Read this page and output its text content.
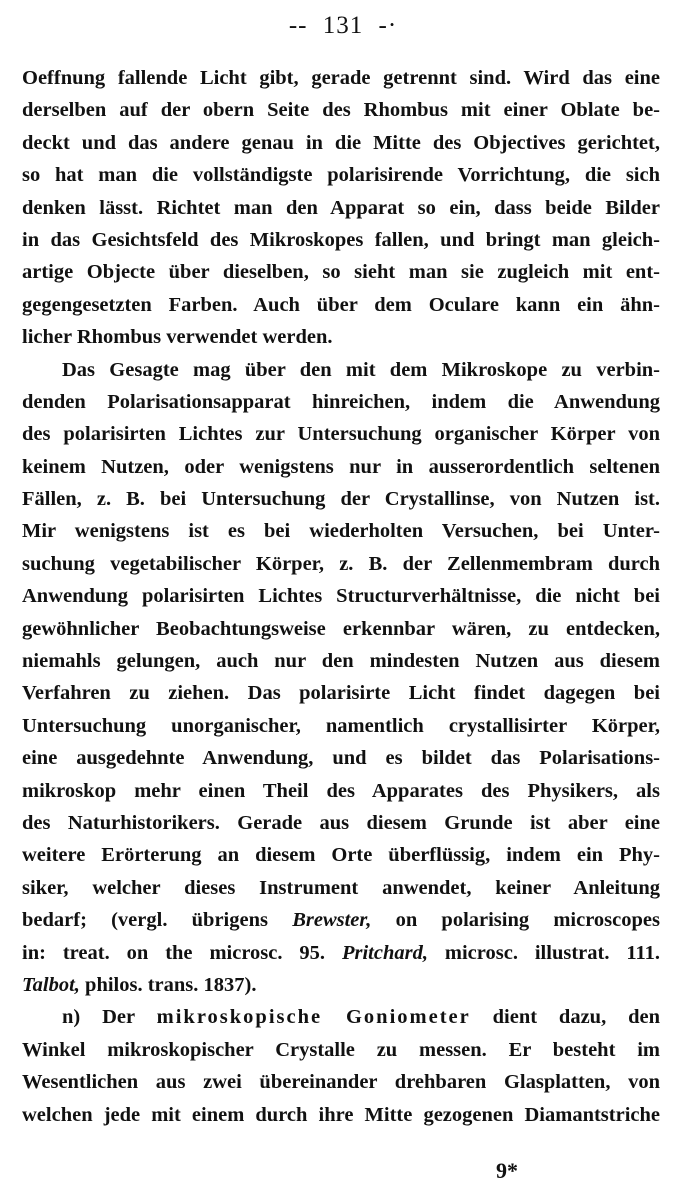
-- 131 -·
Oeffnung fallende Licht gibt, gerade getrennt sind. Wird das eine
derselben auf der obern Seite des Rhombus mit einer Oblate be-
deckt und das andere genau in die Mitte des Objectives gerichtet,
so hat man die vollständigste polarisirende Vorrichtung, die sich
denken lässt. Richtet man den Apparat so ein, dass beide Bilder
in das Gesichtsfeld des Mikroskopes fallen, und bringt man gleich-
artige Objecte über dieselben, so sieht man sie zugleich mit ent-
gegengesetzten Farben. Auch über dem Oculare kann ein ähn-
licher Rhombus verwendet werden.
Das Gesagte mag über den mit dem Mikroskope zu verbin-
denden Polarisationsapparat hinreichen, indem die Anwendung
des polarisirten Lichtes zur Untersuchung organischer Körper von
keinem Nutzen, oder wenigstens nur in ausserordentlich seltenen
Fällen, z. B. bei Untersuchung der Crystallinse, von Nutzen ist.
Mir wenigstens ist es bei wiederholten Versuchen, bei Unter-
suchung vegetabilischer Körper, z. B. der Zellenmembram durch
Anwendung polarisirten Lichtes Structurverhältnisse, die nicht bei
gewöhnlicher Beobachtungsweise erkennbar wären, zu entdecken,
niemahls gelungen, auch nur den mindesten Nutzen aus diesem
Verfahren zu ziehen. Das polarisirte Licht findet dagegen bei
Untersuchung unorganischer, namentlich crystallisirter Körper,
eine ausgedehnte Anwendung, und es bildet das Polarisations-
mikroskop mehr einen Theil des Apparates des Physikers, als
des Naturhistorikers. Gerade aus diesem Grunde ist aber eine
weitere Erörterung an diesem Orte überflüssig, indem ein Phy-
siker, welcher dieses Instrument anwendet, keiner Anleitung
bedarf; (vergl. übrigens Brewster, on polarising microscopes
in: treat. on the microsc. 95. Pritchard, microsc. illustrat. 111.
Talbot, philos. trans. 1837).
n) Der mikroskopische Goniometer dient dazu, den
Winkel mikroskopischer Crystalle zu messen. Er besteht im
Wesentlichen aus zwei übereinander drehbaren Glasplatten, von
welchen jede mit einem durch ihre Mitte gezogenen Diamantstriche
9*
